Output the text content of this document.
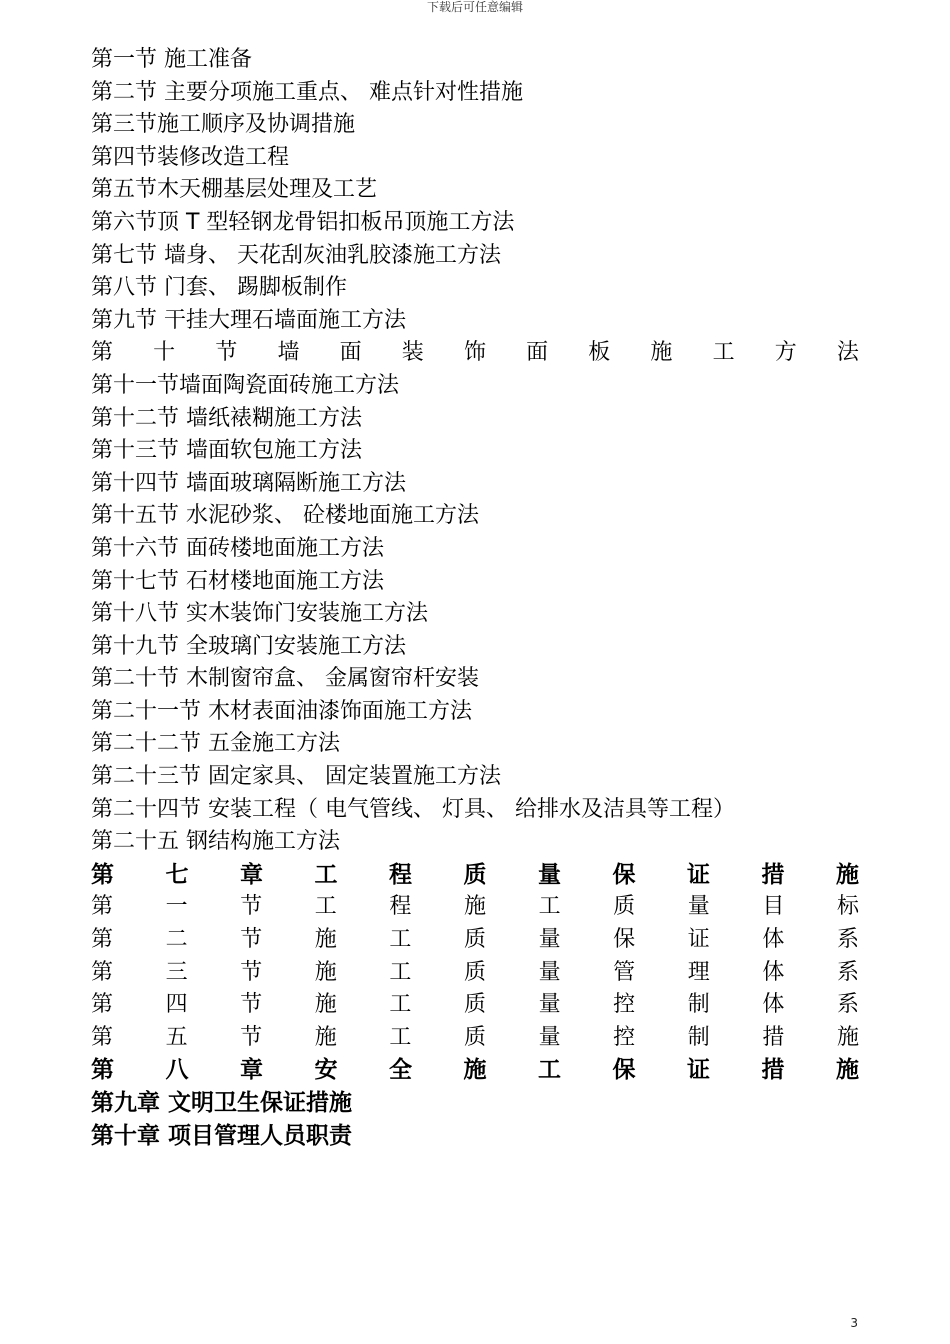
下载后可任意编辑
第一节 施工准备
第二节 主要分项施工重点、 难点针对性措施
第三节施工顺序及协调措施
第四节装修改造工程
第五节木天棚基层处理及工艺
第六节顶 T 型轻钢龙骨铝扣板吊顶施工方法
第七节 墙身、 天花刮灰油乳胶漆施工方法
第八节 门套、 踢脚板制作
第九节 干挂大理石墙面施工方法
第 十 节 墙 面 装 饰 面 板 施 工 方 法
第十一节墙面陶瓷面砖施工方法
第十二节 墙纸裱糊施工方法
第十三节 墙面软包施工方法
第十四节 墙面玻璃隔断施工方法
第十五节 水泥砂浆、 砼楼地面施工方法
第十六节 面砖楼地面施工方法
第十七节 石材楼地面施工方法
第十八节 实木装饰门安装施工方法
第十九节 全玻璃门安装施工方法
第二十节 木制窗帘盒、 金属窗帘杆安装
第二十一节 木材表面油漆饰面施工方法
第二十二节 五金施工方法
第二十三节 固定家具、 固定装置施工方法
第二十四节 安装工程（ 电气管线、 灯具、 给排水及洁具等工程）
第二十五 钢结构施工方法
第 七 章 工 程 质 量 保 证 措 施
第 一 节 工 程 施 工 质 量 目 标
第 二 节 施 工 质 量 保 证 体 系
第 三 节 施 工 质 量 管 理 体 系
第 四 节 施 工 质 量 控 制 体 系
第 五 节 施 工 质 量 控 制 措 施
第 八 章 安 全 施 工 保 证 措 施
第九章 文明卫生保证措施
第十章 项目管理人员职责
3
